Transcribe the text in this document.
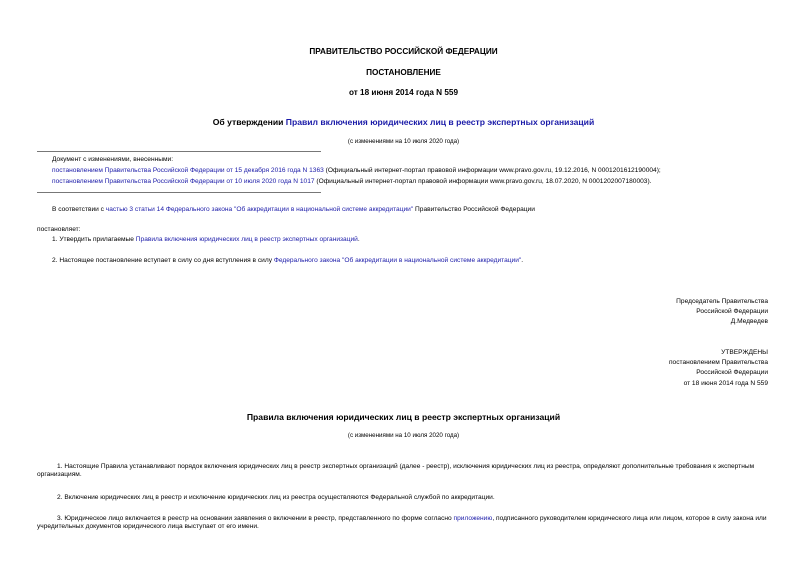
ПРАВИТЕЛЬСТВО РОССИЙСКОЙ ФЕДЕРАЦИИ
ПОСТАНОВЛЕНИЕ
от 18 июня 2014 года N 559
Об утверждении Правил включения юридических лиц в реестр экспертных организаций
(с изменениями на 10 июля 2020 года)
Документ с изменениями, внесенными:
постановлением Правительства Российской Федерации от 15 декабря 2016 года N 1363 (Официальный интернет-портал правовой информации www.pravo.gov.ru, 19.12.2016, N 0001201612190004);
постановлением Правительства Российской Федерации от 10 июля 2020 года N 1017 (Официальный интернет-портал правовой информации www.pravo.gov.ru, 18.07.2020, N 0001202007180003).
В соответствии с частью 3 статьи 14 Федерального закона "Об аккредитации в национальной системе аккредитации" Правительство Российской Федерации
постановляет:
1. Утвердить прилагаемые Правила включения юридических лиц в реестр экспертных организаций.
2. Настоящее постановление вступает в силу со дня вступления в силу Федерального закона "Об аккредитации в национальной системе аккредитации".
Председатель Правительства
Российской Федерации
Д.Медведев
УТВЕРЖДЕНЫ
постановлением Правительства
Российской Федерации
от 18 июня 2014 года N 559
Правила включения юридических лиц в реестр экспертных организаций
(с изменениями на 10 июля 2020 года)
1. Настоящие Правила устанавливают порядок включения юридических лиц в реестр экспертных организаций (далее - реестр), исключения юридических лиц из реестра, определяют дополнительные требования к экспертным организациям.
2. Включение юридических лиц в реестр и исключение юридических лиц из реестра осуществляются Федеральной службой по аккредитации.
3. Юридическое лицо включается в реестр на основании заявления о включении в реестр, представленного по форме согласно приложению, подписанного руководителем юридического лица или лицом, которое в силу закона или учредительных документов юридического лица выступает от его имени.
